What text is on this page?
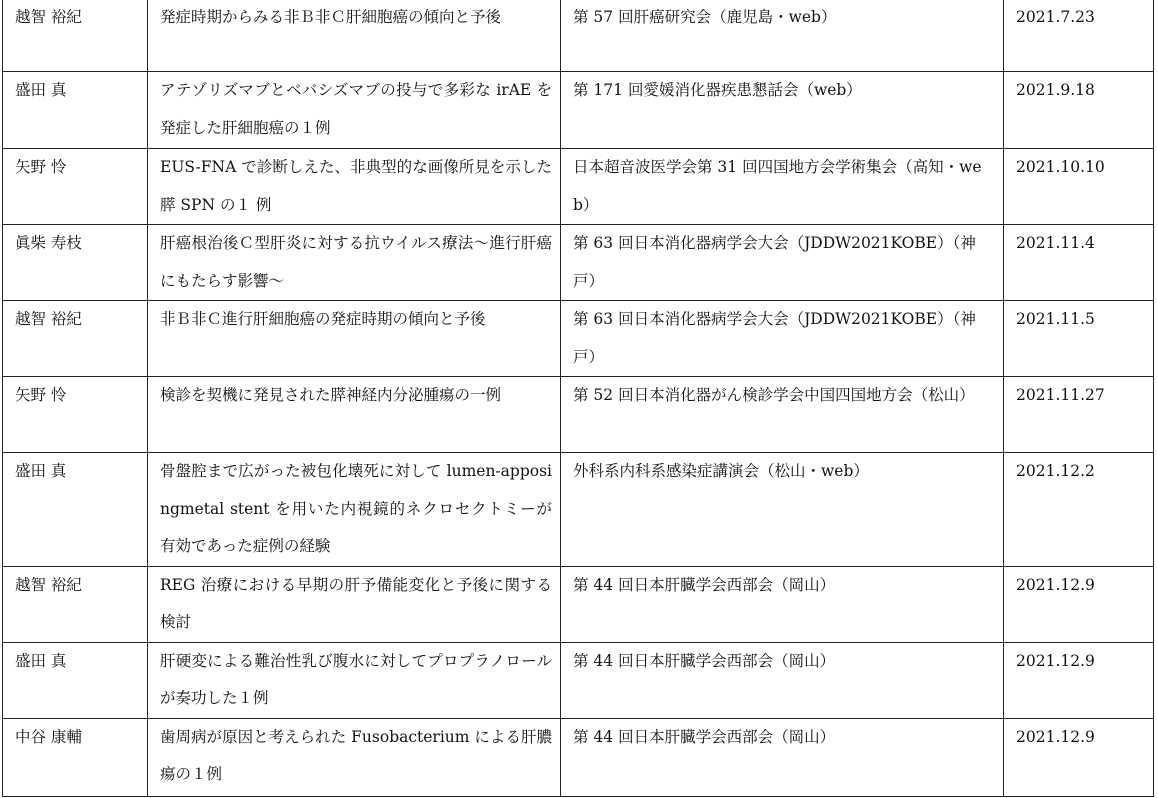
越智 裕紀	発症時期からみる非Ｂ非Ｃ肝細胞癌の傾向と予後	第 57 回肝癌研究会（鹿児島・web）	2021.7.23
盛田 真	アテゾリズマブとベバシズマブの投与で多彩な irAE を発症した肝細胞癌の１例	第 171 回愛媛消化器疾患懇話会（web）	2021.9.18
矢野 怜	EUS-FNA で診断しえた、非典型的な画像所見を示した膵 SPN の１ 例	日本超音波医学会第 31 回四国地方会学術集会（高知・web）	2021.10.10
眞柴 寿枝	肝癌根治後Ｃ型肝炎に対する抗ウイルス療法～進行肝癌にもたらす影響～	第 63 回日本消化器病学会大会（JDDW2021KOBE）（神戸）	2021.11.4
越智 裕紀	非Ｂ非Ｃ進行肝細胞癌の発症時期の傾向と予後	第 63 回日本消化器病学会大会（JDDW2021KOBE）（神戸）	2021.11.5
矢野 怜	検診を契機に発見された膵神経内分泌腫瘍の一例	第 52 回日本消化器がん検診学会中国四国地方会（松山）	2021.11.27
盛田 真	骨盤腔まで広がった被包化壊死に対して lumen-apposingmetal stent を用いた内視鏡的ネクロセクトミーが有効であった症例の経験	外科系内科系感染症講演会（松山・web）	2021.12.2
越智 裕紀	REG 治療における早期の肝予備能変化と予後に関する検討	第 44 回日本肝臓学会西部会（岡山）	2021.12.9
盛田 真	肝硬変による難治性乳び腹水に対してプロプラノロールが奏功した１例	第 44 回日本肝臓学会西部会（岡山）	2021.12.9
中谷 康輔	歯周病が原因と考えられた Fusobacterium による肝膿瘍の１例	第 44 回日本肝臓学会西部会（岡山）	2021.12.9
